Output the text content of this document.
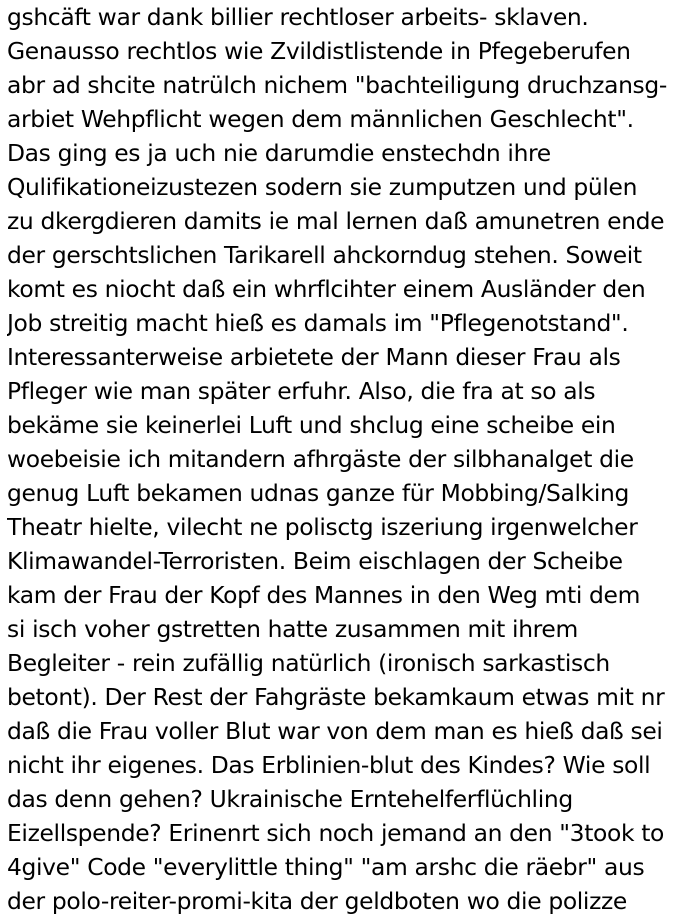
gshcäft war dank billier rechtloser arbeits- sklaven.
Genausso rechtlos wie Zvildistlistende in Pfegeberufen
abr ad shcite natrülch nichem "bachteiligung druchzansg-
arbiet Wehpflicht wegen dem männlichen Geschlecht".
Das ging es ja uch nie darumdie enstechdn ihre
Qulifikationeizustezen sodern sie zumputzen und pülen
zu dkergdieren damits ie mal lernen daß amunetren ende
der gerschtslichen Tarikarell ahckorndug stehen. Soweit
komt es niocht daß ein whrflcihter einem Ausländer den
Job streitig macht hieß es damals im "Pflegenotstand".
Interessanterweise arbietete der Mann dieser Frau als
Pfleger wie man später erfuhr. Also, die fra at so als
bekäme sie keinerlei Luft und shclug eine scheibe ein
woebeisie ich mitandern afhrgäste der silbhanalget die
genug Luft bekamen udnas ganze für Mobbing/Salking
Theatr hielte, vilecht ne polisctg iszeriung irgenwelcher
Klimawandel-Terroristen. Beim eischlagen der Scheibe
kam der Frau der Kopf des Mannes in den Weg mti dem
si isch voher gstretten hatte zusammen mit ihrem
Begleiter - rein zufällig natürlich (ironisch sarkastisch
betont). Der Rest der Fahgräste bekamkaum etwas mit nr
daß die Frau voller Blut war von dem man es hieß daß sei
nicht ihr eigenes. Das Erblinien-blut des Kindes? Wie soll
das denn gehen? Ukrainische Erntehelferflüchling
Eizellspende? Erinenrt sich noch jemand an den "3took to
4give" Code "everylittle thing" "am arshc die räebr" aus
der polo-reiter-promi-kita der geldboten wo die polizze
